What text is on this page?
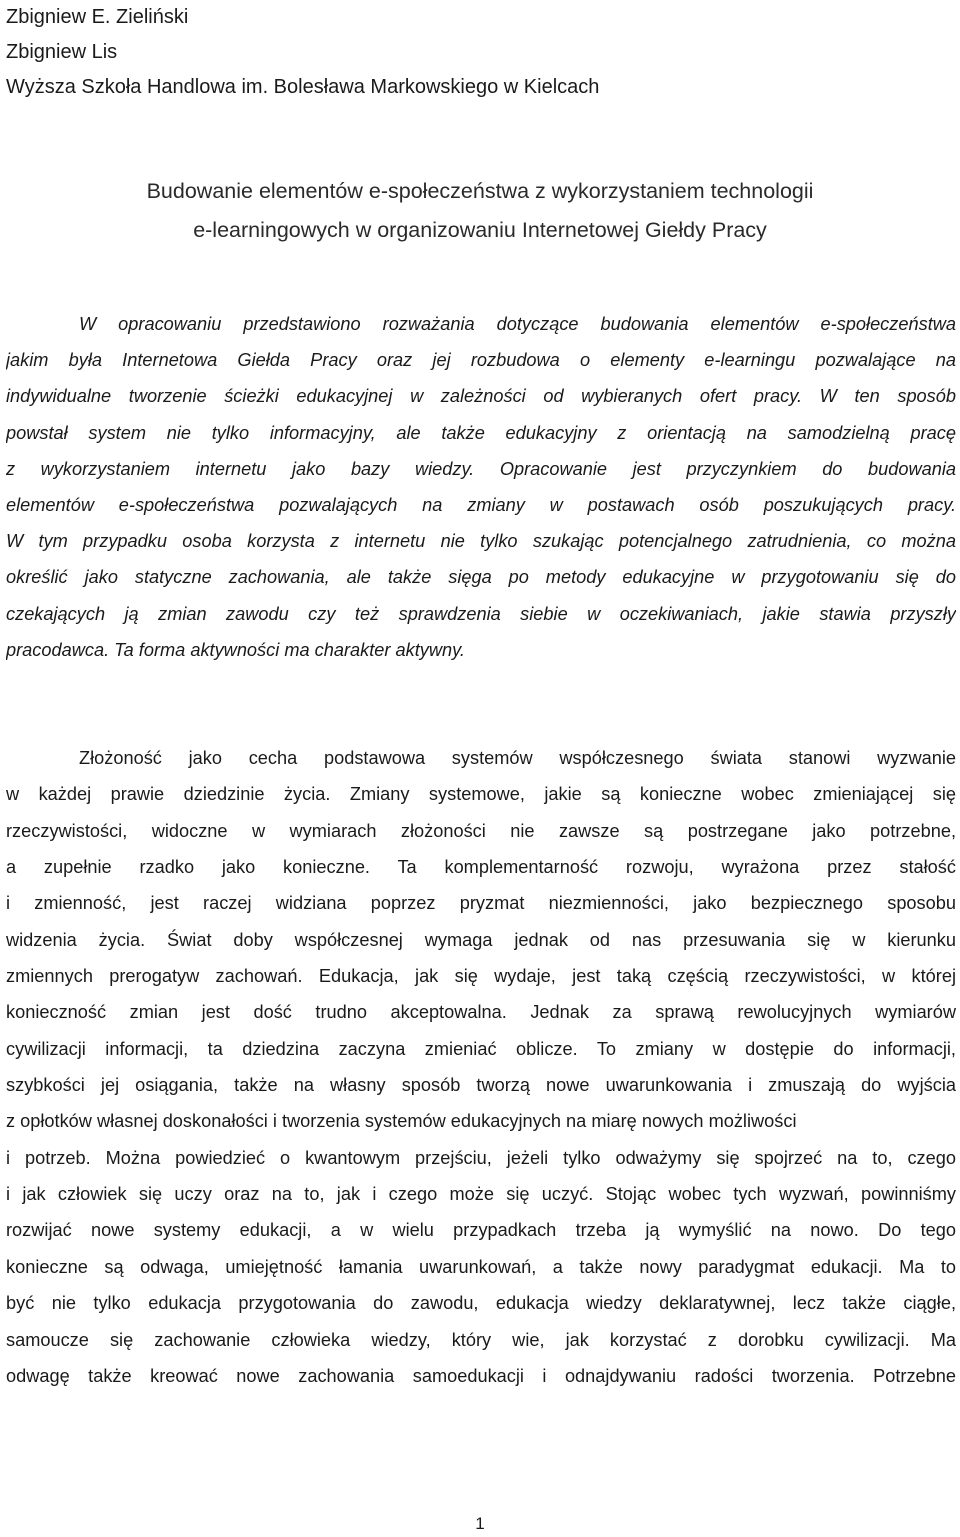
Zbigniew E. Zieliński
Zbigniew Lis
Wyższa Szkoła Handlowa im. Bolesława Markowskiego w Kielcach
Budowanie elementów e-społeczeństwa z wykorzystaniem technologii
e-learningowych w organizowaniu Internetowej Giełdy Pracy
W opracowaniu przedstawiono rozważania dotyczące budowania elementów e-społeczeństwa
jakim była Internetowa Giełda Pracy oraz jej rozbudowa o elementy e-learningu pozwalające na
indywidualne tworzenie ścieżki edukacyjnej w zależności od wybieranych ofert pracy. W ten sposób
powstał system nie tylko informacyjny, ale także edukacyjny z orientacją na samodzielną pracę
z wykorzystaniem internetu jako bazy wiedzy. Opracowanie jest przyczynkiem do budowania
elementów e-społeczeństwa pozwalających na zmiany w postawach osób poszukujących pracy.
W tym przypadku osoba korzysta z internetu nie tylko szukając potencjalnego zatrudnienia, co można
określić jako statyczne zachowania, ale także sięga po metody edukacyjne w przygotowaniu się do
czekających ją zmian zawodu czy też sprawdzenia siebie w oczekiwaniach, jakie stawia przyszły
pracodawca. Ta forma aktywności ma charakter aktywny.
Złożoność jako cecha podstawowa systemów współczesnego świata stanowi wyzwanie
w każdej prawie dziedzinie życia. Zmiany systemowe, jakie są konieczne wobec zmieniającej się
rzeczywistości, widoczne w wymiarach złożoności nie zawsze są postrzegane jako potrzebne,
a zupełnie rzadko jako konieczne. Ta komplementarność rozwoju, wyrażona przez stałość
i zmienność, jest raczej widziana poprzez pryzmat niezmienności, jako bezpiecznego sposobu
widzenia życia. Świat doby współczesnej wymaga jednak od nas przesuwania się w kierunku
zmiennych prerogatyw zachowań. Edukacja, jak się wydaje, jest taką częścią rzeczywistości, w której
konieczność zmian jest dość trudno akceptowalna. Jednak za sprawą rewolucyjnych wymiarów
cywilizacji informacji, ta dziedzina zaczyna zmieniać oblicze. To zmiany w dostępie do informacji,
szybkości jej osiągania, także na własny sposób tworzą nowe uwarunkowania i zmuszają do wyjścia
z opłotków własnej doskonałości i tworzenia systemów edukacyjnych na miarę nowych możliwości
i potrzeb. Można powiedzieć o kwantowym przejściu, jeżeli tylko odważymy się spojrzeć na to, czego
i jak człowiek się uczy oraz na to, jak i czego może się uczyć. Stojąc wobec tych wyzwań, powinniśmy
rozwijać nowe systemy edukacji, a w wielu przypadkach trzeba ją wymyślić na nowo. Do tego
konieczne są odwaga, umiejętność łamania uwarunkowań, a także nowy paradygmat edukacji. Ma to
być nie tylko edukacja przygotowania do zawodu, edukacja wiedzy deklaratywnej, lecz także ciągłe,
samoucze się zachowanie człowieka wiedzy, który wie, jak korzystać z dorobku cywilizacji. Ma
odwagę także kreować nowe zachowania samoedukacji i odnajdywaniu radości tworzenia. Potrzebne
1
